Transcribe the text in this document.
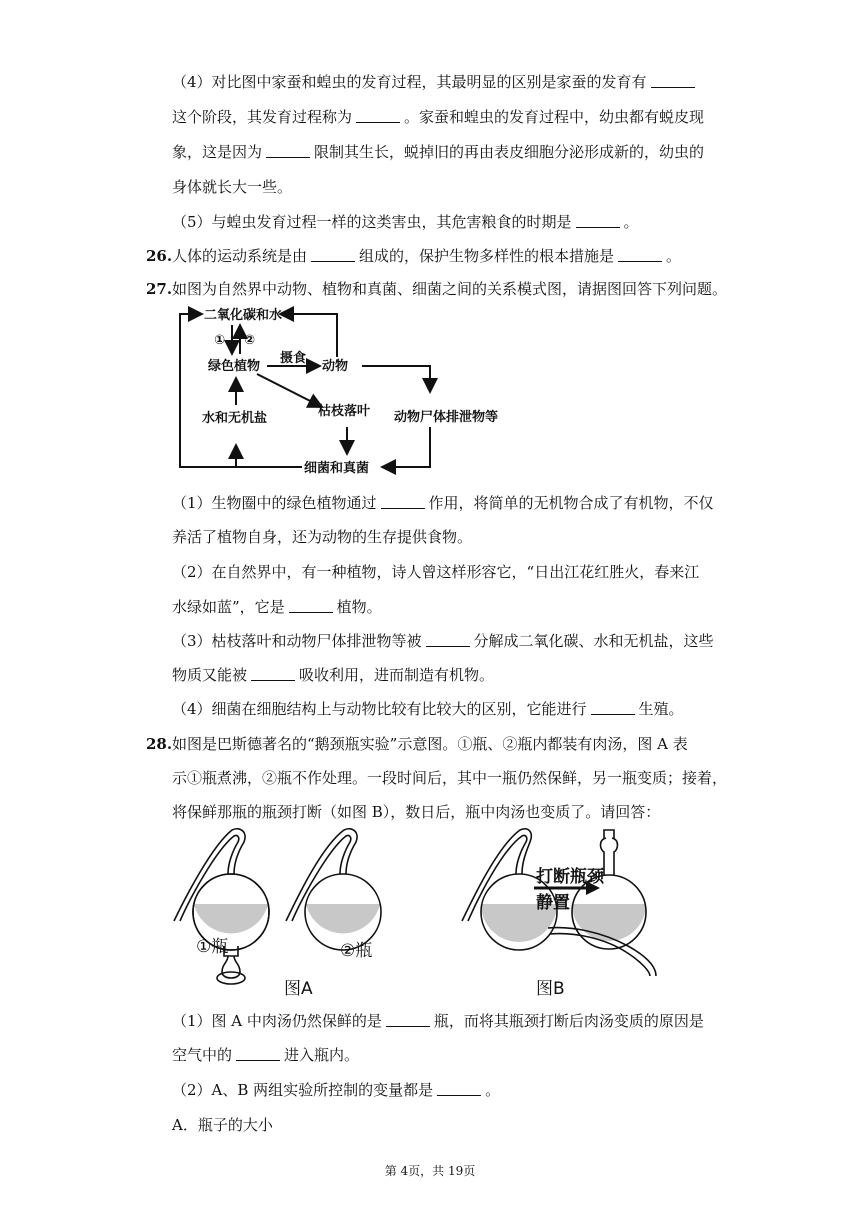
（4）对比图中家蚕和蝗虫的发育过程，其最明显的区别是家蚕的发育有
这个阶段，其发育过程称为	。家蚕和蝗虫的发育过程中，幼虫都有蜕皮现
象，这是因为	限制其生长，蜕掉旧的再由表皮细胞分泌形成新的，幼虫的
身体就长大一些。
（5）与蝗虫发育过程一样的这类害虫，其危害粮食的时期是	。
26. 人体的运动系统是由	组成的，保护生物多样性的根本措施是	。
27. 如图为自然界中动物、植物和真菌、细菌之间的关系模式图，请据图回答下列问题。
二氧化碳和水
① ②
绿色植物
摄食
动物
水和无机盐	枯枝落叶 动物尸体排泄物等
细菌和真菌
（1）生物圈中的绿色植物通过	作用，将简单的无机物合成了有机物，不仅
养活了植物自身，还为动物的生存提供食物。
（2）在自然界中，有一种植物，诗人曾这样形容它，“日出江花红胜火，春来江
水绿如蓝”，它是	植物。
（3）枯枝落叶和动物尸体排泄物等被	分解成二氧化碳、水和无机盐，这些
物质又能被	吸收利用，进而制造有机物。
（4）细菌在细胞结构上与动物比较有比较大的区别，它能进行	生殖。
28. 如图是巴斯德著名的“鹅颈瓶实验”示意图。①瓶、②瓶内都装有肉汤，图 A 表
示①瓶煮沸，②瓶不作处理。一段时间后，其中一瓶仍然保鲜，另一瓶变质；接着，
将保鲜那瓶的瓶颈打断（如图 B），数日后，瓶中肉汤也变质了。请回答：
①瓶	②瓶
图A	图B
打断瓶颈
静置
（1）图 A 中肉汤仍然保鲜的是	瓶，而将其瓶颈打断后肉汤变质的原因是
空气中的	进入瓶内。
（2）A、B 两组实验所控制的变量都是	。
A．瓶子的大小
第 4页，共 19页
